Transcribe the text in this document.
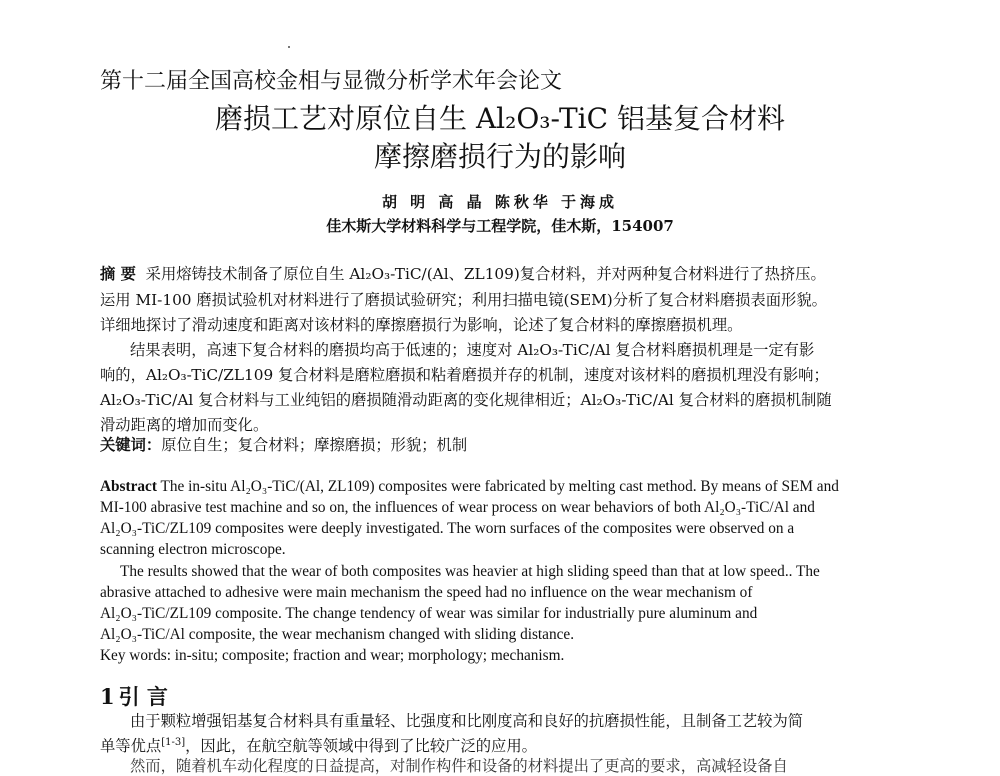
第十二届全国高校金相与显微分析学术年会论文
磨损工艺对原位自生 Al₂O₃-TiC 铝基复合材料
摩擦磨损行为的影响
胡 明 高 晶 陈秋华 于海成
佳木斯大学材料科学与工程学院，佳木斯，154007
摘 要 采用熔铸技术制备了原位自生 Al₂O₃-TiC/(Al、ZL109)复合材料，并对两种复合材料进行了热挤压。
运用 MI-100 磨损试验机对材料进行了磨损试验研究；利用扫描电镜(SEM)分析了复合材料磨损表面形貌。
详细地探讨了滑动速度和距离对该材料的摩擦磨损行为影响，论述了复合材料的摩擦磨损机理。
结果表明，高速下复合材料的磨损均高于低速的；速度对 Al₂O₃-TiC/Al 复合材料磨损机理是一定有影
响的，Al₂O₃-TiC/ZL109 复合材料是磨粒磨损和粘着磨损并存的机制，速度对该材料的磨损机理没有影响；
Al₂O₃-TiC/Al 复合材料与工业纯铝的磨损随滑动距离的变化规律相近；Al₂O₃-TiC/Al 复合材料的磨损机制随
滑动距离的增加而变化。
关键词：原位自生；复合材料；摩擦磨损；形貌；机制
Abstract The in-situ Al₂O₃-TiC/(Al, ZL109) composites were fabricated by melting cast method. By means of SEM and
MI-100 abrasive test machine and so on, the influences of wear process on wear behaviors of both Al₂O₃-TiC/Al and
Al₂O₃-TiC/ZL109 composites were deeply investigated. The worn surfaces of the composites were observed on a
scanning electron microscope.
The results showed that the wear of both composites was heavier at high sliding speed than that at low speed.. The
abrasive attached to adhesive were main mechanism the speed had no influence on the wear mechanism of
Al₂O₃-TiC/ZL109 composite. The change tendency of wear was similar for industrially pure aluminum and
Al₂O₃-TiC/Al composite, the wear mechanism changed with sliding distance.
Key words: in-situ; composite; fraction and wear; morphology; mechanism.
1 引 言
由于颗粒增强铝基复合材料具有重量轻、比强度和比刚度高和良好的抗磨损性能，且制备工艺较为简
单等优点[1-3]，因此，在航空航等领域中得到了比较广泛的应用。
然而，随着机车动化程度的日益提高，对制作构件和设备的材料提出了更高的要求，高减轻设备自
